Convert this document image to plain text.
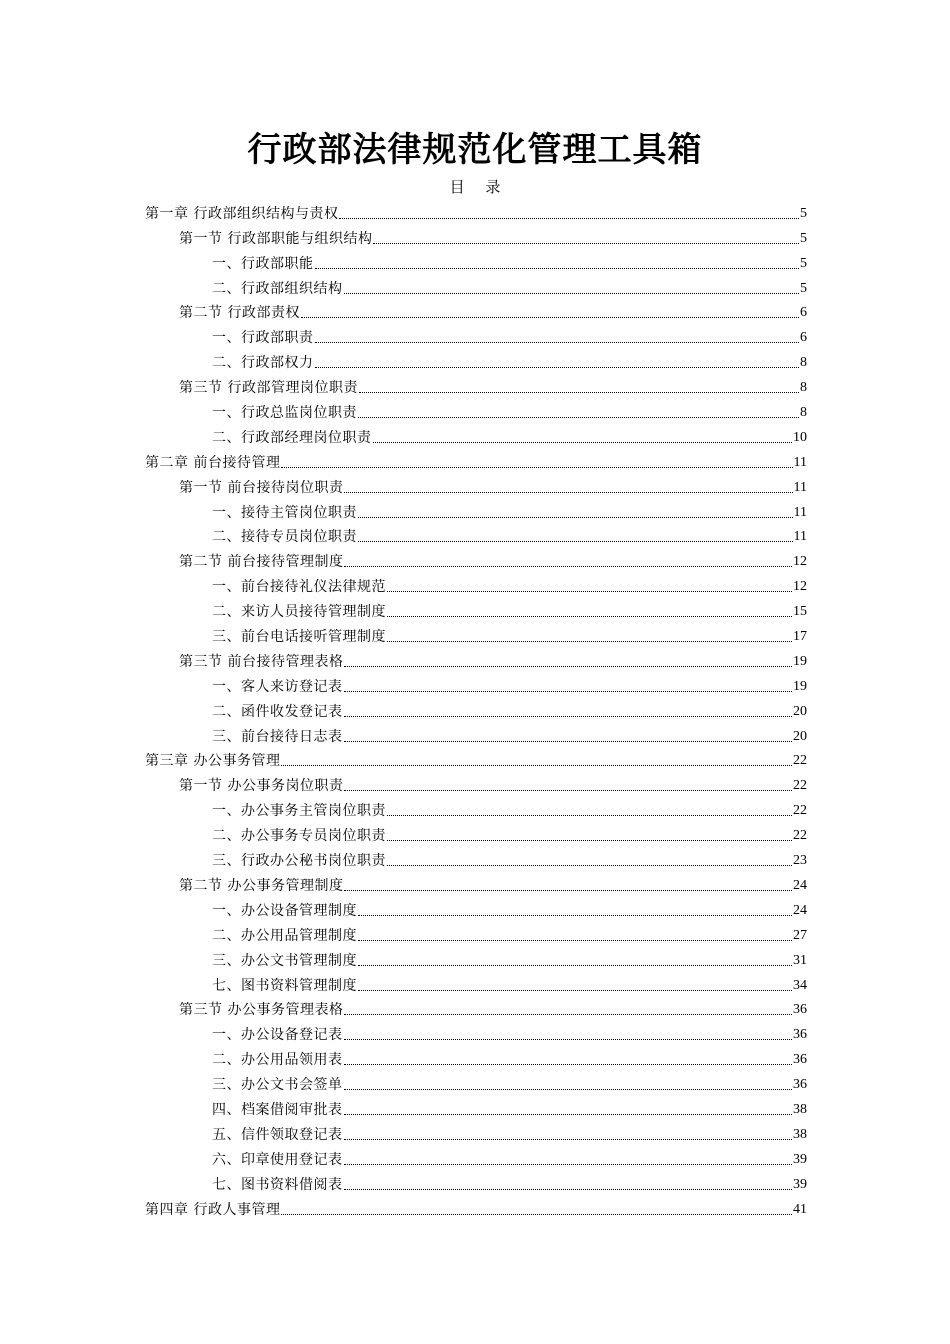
行政部法律规范化管理工具箱
目 录
第一章 行政部组织结构与责权	5
第一节 行政部职能与组织结构	5
一、行政部职能	5
二、行政部组织结构	5
第二节 行政部责权	6
一、行政部职责	6
二、行政部权力	8
第三节 行政部管理岗位职责	8
一、行政总监岗位职责	8
二、行政部经理岗位职责	10
第二章 前台接待管理	11
第一节 前台接待岗位职责	11
一、接待主管岗位职责	11
二、接待专员岗位职责	11
第二节 前台接待管理制度	12
一、前台接待礼仪法律规范	12
二、来访人员接待管理制度	15
三、前台电话接听管理制度	17
第三节 前台接待管理表格	19
一、客人来访登记表	19
二、函件收发登记表	20
三、前台接待日志表	20
第三章 办公事务管理	22
第一节 办公事务岗位职责	22
一、办公事务主管岗位职责	22
二、办公事务专员岗位职责	22
三、行政办公秘书岗位职责	23
第二节 办公事务管理制度	24
一、办公设备管理制度	24
二、办公用品管理制度	27
三、办公文书管理制度	31
七、图书资料管理制度	34
第三节 办公事务管理表格	36
一、办公设备登记表	36
二、办公用品领用表	36
三、办公文书会签单	36
四、档案借阅审批表	38
五、信件领取登记表	38
六、印章使用登记表	39
七、图书资料借阅表	39
第四章 行政人事管理	41
